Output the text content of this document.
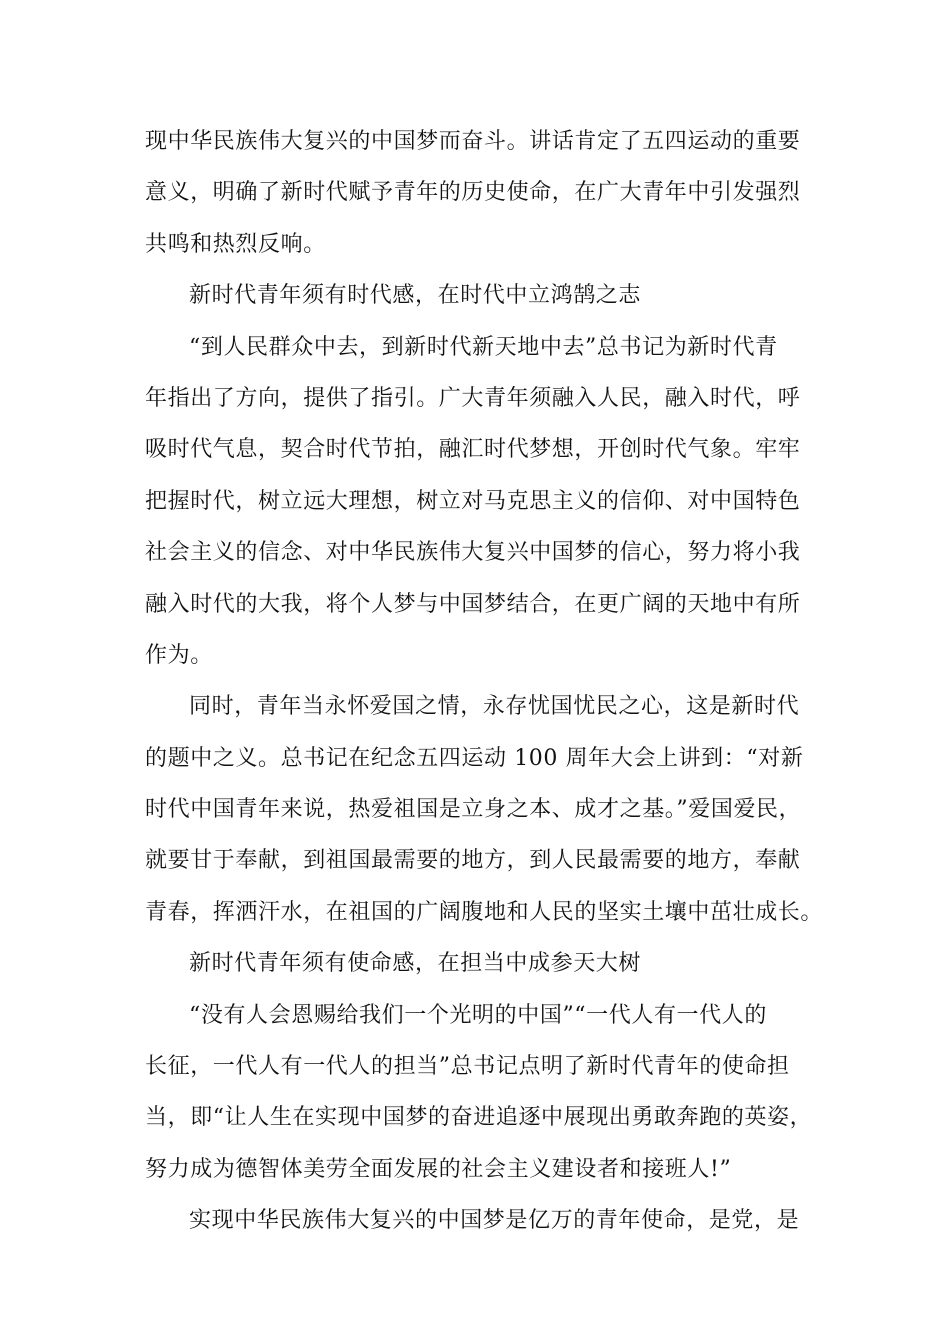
现中华民族伟大复兴的中国梦而奋斗。讲话肯定了五四运动的重要
意义，明确了新时代赋予青年的历史使命，在广大青年中引发强烈
共鸣和热烈反响。
新时代青年须有时代感，在时代中立鸿鹄之志
“到人民群众中去，到新时代新天地中去”总书记为新时代青
年指出了方向，提供了指引。广大青年须融入人民，融入时代，呼
吸时代气息，契合时代节拍，融汇时代梦想，开创时代气象。牢牢
把握时代，树立远大理想，树立对马克思主义的信仰、对中国特色
社会主义的信念、对中华民族伟大复兴中国梦的信心，努力将小我
融入时代的大我，将个人梦与中国梦结合，在更广阔的天地中有所
作为。
同时，青年当永怀爱国之情，永存忧国忧民之心，这是新时代
的题中之义。总书记在纪念五四运动 100 周年大会上讲到：“对新
时代中国青年来说，热爱祖国是立身之本、成才之基。”爱国爱民，
就要甘于奉献，到祖国最需要的地方，到人民最需要的地方，奉献
青春，挥洒汗水，在祖国的广阔腹地和人民的坚实土壤中茁壮成长。
新时代青年须有使命感，在担当中成参天大树
“没有人会恩赐给我们一个光明的中国”“一代人有一代人的
长征，一代人有一代人的担当”总书记点明了新时代青年的使命担
当，即“让人生在实现中国梦的奋进追逐中展现出勇敢奔跑的英姿，
努力成为德智体美劳全面发展的社会主义建设者和接班人!”
实现中华民族伟大复兴的中国梦是亿万的青年使命，是党，是
